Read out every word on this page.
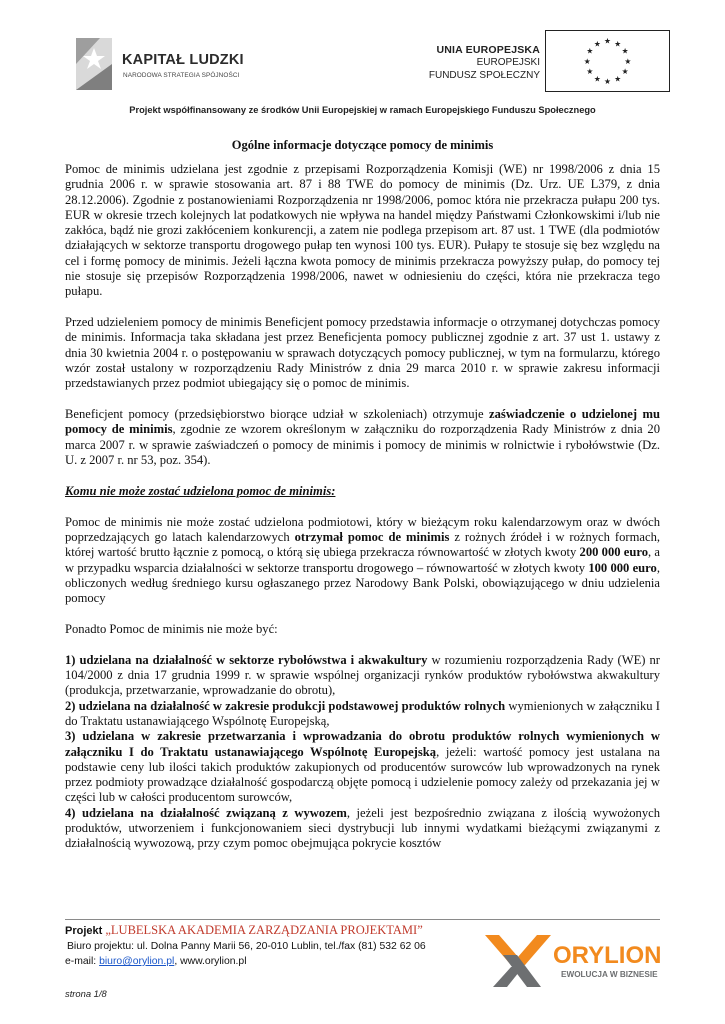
KAPITAŁ LUDZKI
NARODOWA STRATEGIA SPÓJNOŚCI
UNIA EUROPEJSKA
EUROPEJSKI
FUNDUSZ SPOŁECZNY
★ ★
★
★
★
★
★
★
★
★
★
★
Projekt współfinansowany ze środków Unii Europejskiej w ramach Europejskiego Funduszu Społecznego
Ogólne informacje dotyczące pomocy de minimis

Pomoc de minimis udzielana jest zgodnie z przepisami Rozporządzenia Komisji (WE) nr 1998/2006 z dnia 15 grudnia 2006 r. w sprawie stosowania art. 87 i 88 TWE do pomocy de minimis (Dz. Urz. UE L379, z dnia 28.12.2006). Zgodnie z postanowieniami Rozporządzenia nr 1998/2006, pomoc która nie przekracza pułapu 200 tys. EUR w okresie trzech kolejnych lat podatkowych nie wpływa na handel między Państwami Członkowskimi i/lub nie zakłóca, bądź nie grozi zakłóceniem konkurencji, a zatem nie podlega przepisom art. 87 ust. 1 TWE (dla podmiotów działających w sektorze transportu drogowego pułap ten wynosi 100 tys. EUR). Pułapy te stosuje się bez względu na cel i formę pomocy de minimis. Jeżeli łączna kwota pomocy de minimis przekracza powyższy pułap, do pomocy tej nie stosuje się przepisów Rozporządzenia 1998/2006, nawet w odniesieniu do części, która nie przekracza tego pułapu.

Przed udzieleniem pomocy de minimis Beneficjent pomocy przedstawia informacje o otrzymanej dotychczas pomocy de minimis. Informacja taka składana jest przez Beneficjenta pomocy publicznej zgodnie z art. 37 ust 1. ustawy z dnia 30 kwietnia 2004 r. o postępowaniu w sprawach dotyczących pomocy publicznej, w tym na formularzu, którego wzór został ustalony w rozporządzeniu Rady Ministrów z dnia 29 marca 2010 r. w sprawie zakresu informacji przedstawianych przez podmiot ubiegający się o pomoc de minimis.

Beneficjent pomocy (przedsiębiorstwo biorące udział w szkoleniach) otrzymuje zaświadczenie o udzielonej mu pomocy de minimis, zgodnie ze wzorem określonym w załączniku do rozporządzenia Rady Ministrów z dnia 20 marca 2007 r. w sprawie zaświadczeń o pomocy de minimis i pomocy de minimis w rolnictwie i rybołówstwie (Dz. U. z 2007 r. nr 53, poz. 354).

Komu nie może zostać udzielona pomoc de minimis:

Pomoc de minimis nie może zostać udzielona podmiotowi, który w bieżącym roku kalendarzowym oraz w dwóch poprzedzających go latach kalendarzowych otrzymał pomoc de minimis z rożnych źródeł i w rożnych formach, której wartość brutto łącznie z pomocą, o którą się ubiega przekracza równowartość w złotych kwoty 200 000 euro, a w przypadku wsparcia działalności w sektorze transportu drogowego – równowartość w złotych kwoty 100 000 euro, obliczonych według średniego kursu ogłaszanego przez Narodowy Bank Polski, obowiązującego w dniu udzielenia pomocy

Ponadto Pomoc de minimis nie może być:

1) udzielana na działalność w sektorze rybołówstwa i akwakultury w rozumieniu rozporządzenia Rady (WE) nr 104/2000 z dnia 17 grudnia 1999 r. w sprawie wspólnej organizacji rynków produktów rybołówstwa akwakultury (produkcja, przetwarzanie, wprowadzanie do obrotu),

2) udzielana na działalność w zakresie produkcji podstawowej produktów rolnych wymienionych w załączniku I do Traktatu ustanawiającego Wspólnotę Europejską,

3) udzielana w zakresie przetwarzania i wprowadzania do obrotu produktów rolnych wymienionych w załączniku I do Traktatu ustanawiającego Wspólnotę Europejską, jeżeli: wartość pomocy jest ustalana na podstawie ceny lub ilości takich produktów zakupionych od producentów surowców lub wprowadzonych na rynek przez podmioty prowadzące działalność gospodarczą objęte pomocą i udzielenie pomocy zależy od przekazania jej w części lub w całości producentom surowców,

4) udzielana na działalność związaną z wywozem, jeżeli jest bezpośrednio związana z ilością wywożonych produktów, utworzeniem i funkcjonowaniem sieci dystrybucji lub innymi wydatkami bieżącymi związanymi z działalnością wywozową, przy czym pomoc obejmująca pokrycie kosztów

Projekt „LUBELSKA AKADEMIA ZARZĄDZANIA PROJEKTAMI”
Biuro projektu: ul. Dolna Panny Marii 56, 20-010 Lublin, tel./fax (81) 532 62 06
e-mail: biuro@orylion.pl, www.orylion.pl	ORYLION
EWOLUCJA W BIZNESIE
strona 1/8
